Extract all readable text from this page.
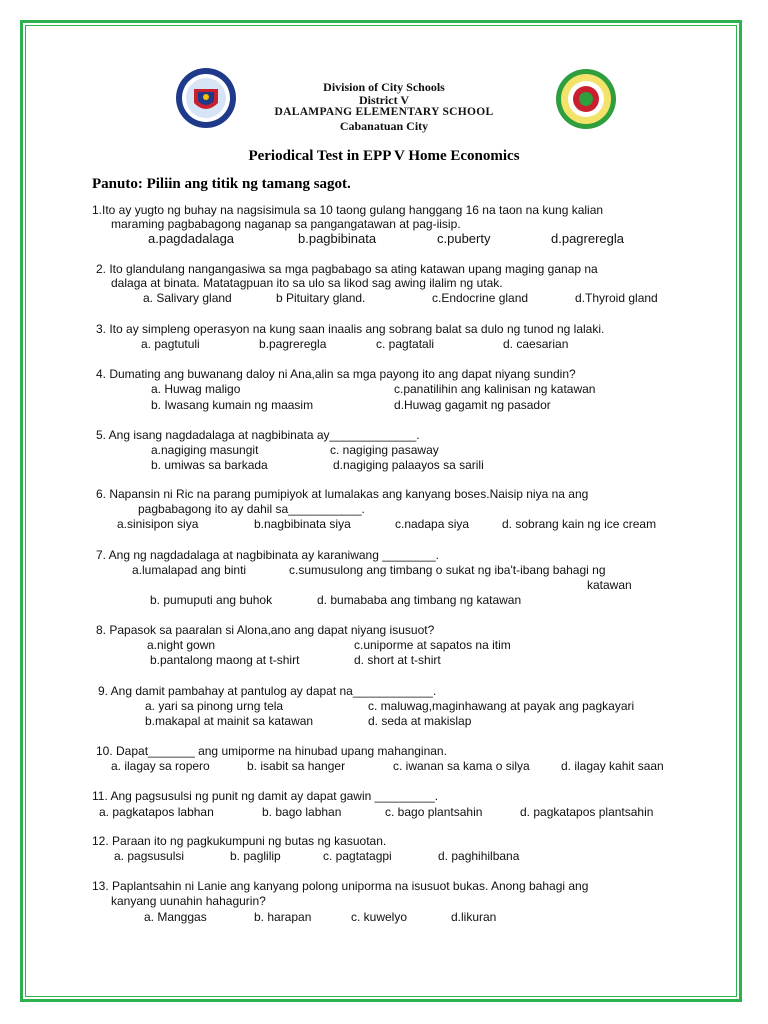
Division of City Schools
District V
DALAMPANG ELEMENTARY SCHOOL
Cabanatuan City
Periodical Test in EPP V Home Economics
Panuto: Piliin ang titik ng tamang sagot.
1.Ito ay yugto ng buhay na nagsisimula sa 10 taong gulang hanggang 16 na taon na kung kalian
maraming pagbabagong naganap sa pangangatawan at pag-iisip.
a.pagdadalaga	b.pagbibinata	c.puberty	d.pagreregla
2. Ito glandulang nangangasiwa sa mga pagbabago sa ating katawan upang maging ganap na
dalaga at binata. Matatagpuan ito sa ulo sa likod sag awing ilalim ng utak.
a. Salivary gland	b Pituitary gland.	c.Endocrine gland	d.Thyroid gland
3. Ito ay simpleng operasyon na kung saan inaalis ang sobrang balat sa dulo ng tunod ng lalaki.
a. pagtutuli	b.pagreregla	c. pagtatali	d. caesarian
4. Dumating ang buwanang daloy ni Ana,alin sa mga payong ito ang dapat niyang sundin?
a. Huwag maligo	c.panatilihin ang kalinisan ng katawan
b. Iwasang kumain ng maasim	d.Huwag gagamit ng pasador
5. Ang isang nagdadalaga at nagbibinata ay_____________.
a.nagiging masungit	c. nagiging pasaway
b. umiwas sa barkada	d.nagiging palaayos sa sarili
6. Napansin ni Ric na parang pumipiyok at lumalakas ang kanyang boses.Naisip niya na ang
pagbabagong ito ay dahil sa___________.
a.sinisipon siya	b.nagbibinata siya	c.nadapa siya	d. sobrang kain ng ice cream
7. Ang ng nagdadalaga at nagbibinata ay karaniwang ________.
a.lumalapad ang binti	c.sumusulong ang timbang o sukat ng iba't-ibang bahagi ng
katawan
b. pumuputi ang buhok	d. bumababa ang timbang ng katawan
8. Papasok sa paaralan si Alona,ano ang dapat niyang isusuot?
a.night gown	c.uniporme at sapatos na itim
b.pantalong maong at t-shirt	d. short at t-shirt
9. Ang damit pambahay at pantulog ay dapat na____________.
a. yari sa pinong urng tela	c. maluwag,maginhawang at payak ang pagkayari
b.makapal at mainit sa katawan	d. seda at makislap
10. Dapat_______ ang umiporme na hinubad upang mahanginan.
a. ilagay sa ropero	b. isabit sa hanger	c. iwanan sa kama o silya	d. ilagay kahit saan
11. Ang pagsusulsi ng punit ng damit ay dapat gawin _________.
a. pagkatapos labhan	b. bago labhan	c. bago plantsahin	d. pagkatapos plantsahin
12. Paraan ito ng pagkukumpuni ng butas ng kasuotan.
a. pagsusulsi	b. paglilip	c. pagtatagpi	d. paghihilbana
13. Paplantsahin ni Lanie ang kanyang polong uniporma na isusuot bukas. Anong bahagi ang
kanyang uunahin hahagurin?
a. Manggas	b. harapan	c. kuwelyo	d.likuran
